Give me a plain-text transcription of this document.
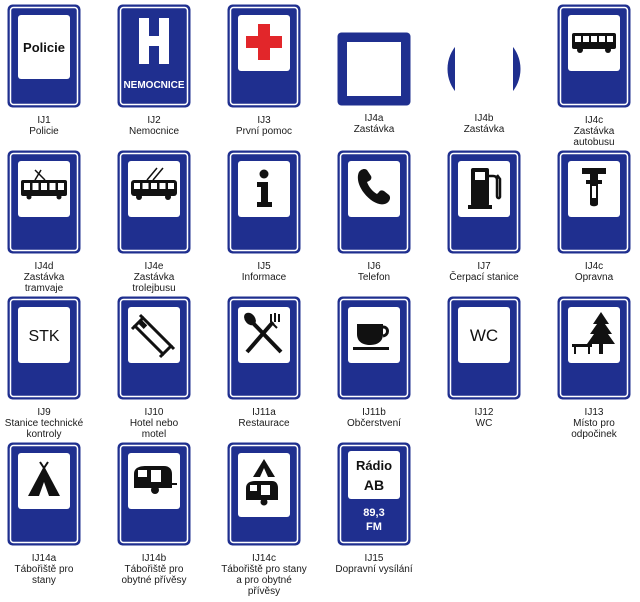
Policie
IJ1
Policie
NEMOCNICE
IJ2
Nemocnice
IJ3
První pomoc
IJ4a
Zastávka
IJ4b
Zastávka
IJ4c
Zastávka
autobusu
IJ4d
Zastávka
tramvaje
IJ4e
Zastávka
trolejbusu
IJ5
Informace
IJ6
Telefon
IJ7
Čerpací stanice
IJ4c
Opravna
STK
IJ9
Stanice technické
kontroly
IJ10
Hotel nebo
motel
IJ11a
Restaurace
IJ11b
Občerstvení
WC
IJ12
WC
IJ13
Místo pro
odpočinek
IJ14a
Tábořiště pro
stany
IJ14b
Tábořiště pro
obytné přívěsy
IJ14c
Tábořiště pro stany
a pro obytné
přívěsy
Rádio
AB
89,3
FM
IJ15
Dopravní vysílání
